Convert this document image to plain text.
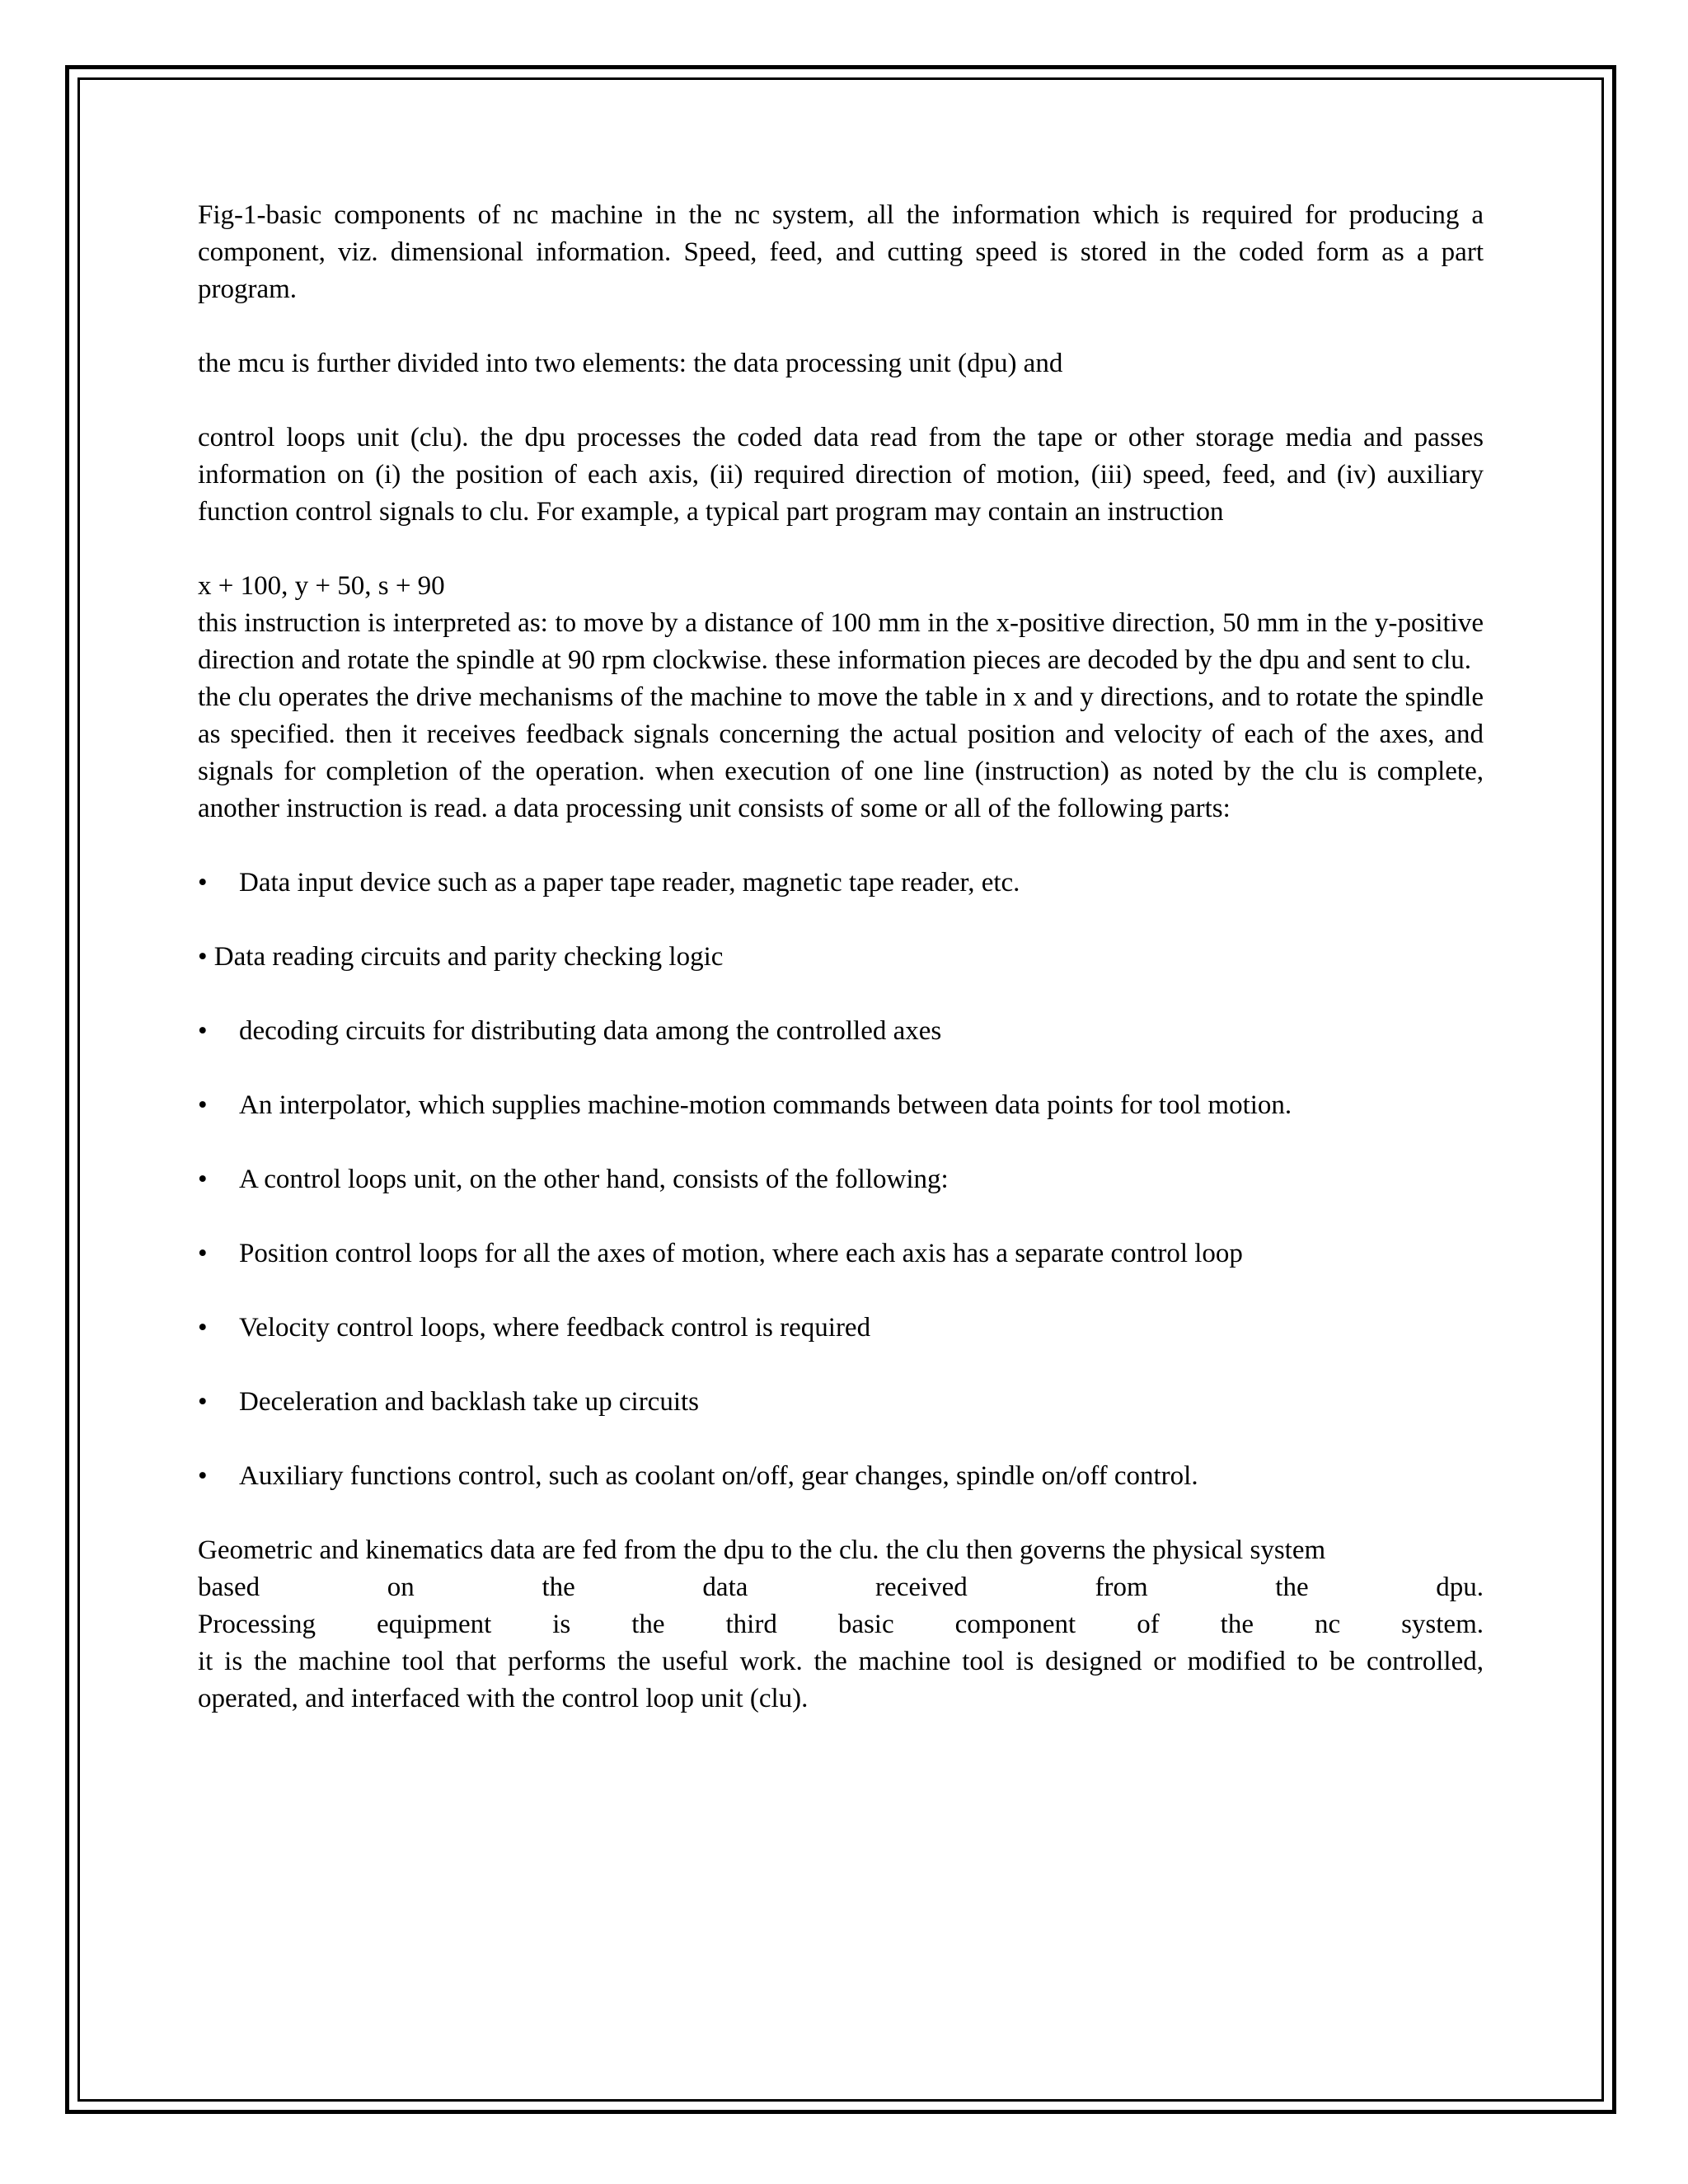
Fig-1-basic components of nc machine in the nc system, all the information which is required for producing a component, viz. dimensional information. Speed, feed, and cutting speed is stored in the coded form as a part program.

the mcu is further divided into two elements: the data processing unit (dpu) and

control loops unit (clu). the dpu processes the coded data read from the tape or other storage media and passes information on (i) the position of each axis, (ii) required direction of motion, (iii) speed, feed, and (iv) auxiliary function control signals to clu. For example, a typical part program may contain an instruction

x + 100, y + 50, s + 90

this instruction is interpreted as: to move by a distance of 100 mm in the x-positive direction, 50 mm in the y-positive direction and rotate the spindle at 90 rpm clockwise. these information pieces are decoded by the dpu and sent to clu.

the clu operates the drive mechanisms of the machine to move the table in x and y directions, and to rotate the spindle as specified. then it receives feedback signals concerning the actual position and velocity of each of the axes, and signals for completion of the operation. when execution of one line (instruction) as noted by the clu is complete, another instruction is read. a data processing unit consists of some or all of the following parts:

• Data input device such as a paper tape reader, magnetic tape reader, etc.

• Data reading circuits and parity checking logic

• decoding circuits for distributing data among the controlled axes

• An interpolator, which supplies machine-motion commands between data points for tool motion.

• A control loops unit, on the other hand, consists of the following:

• Position control loops for all the axes of motion, where each axis has a separate control loop

• Velocity control loops, where feedback control is required

• Deceleration and backlash take up circuits

• Auxiliary functions control, such as coolant on/off, gear changes, spindle on/off control.

Geometric and kinematics data are fed from the dpu to the clu. the clu then governs the physical system

based on the data received from the dpu.

Processing equipment is the third basic component of the nc system.

it is the machine tool that performs the useful work. the machine tool is designed or modified to be controlled, operated, and interfaced with the control loop unit (clu).
